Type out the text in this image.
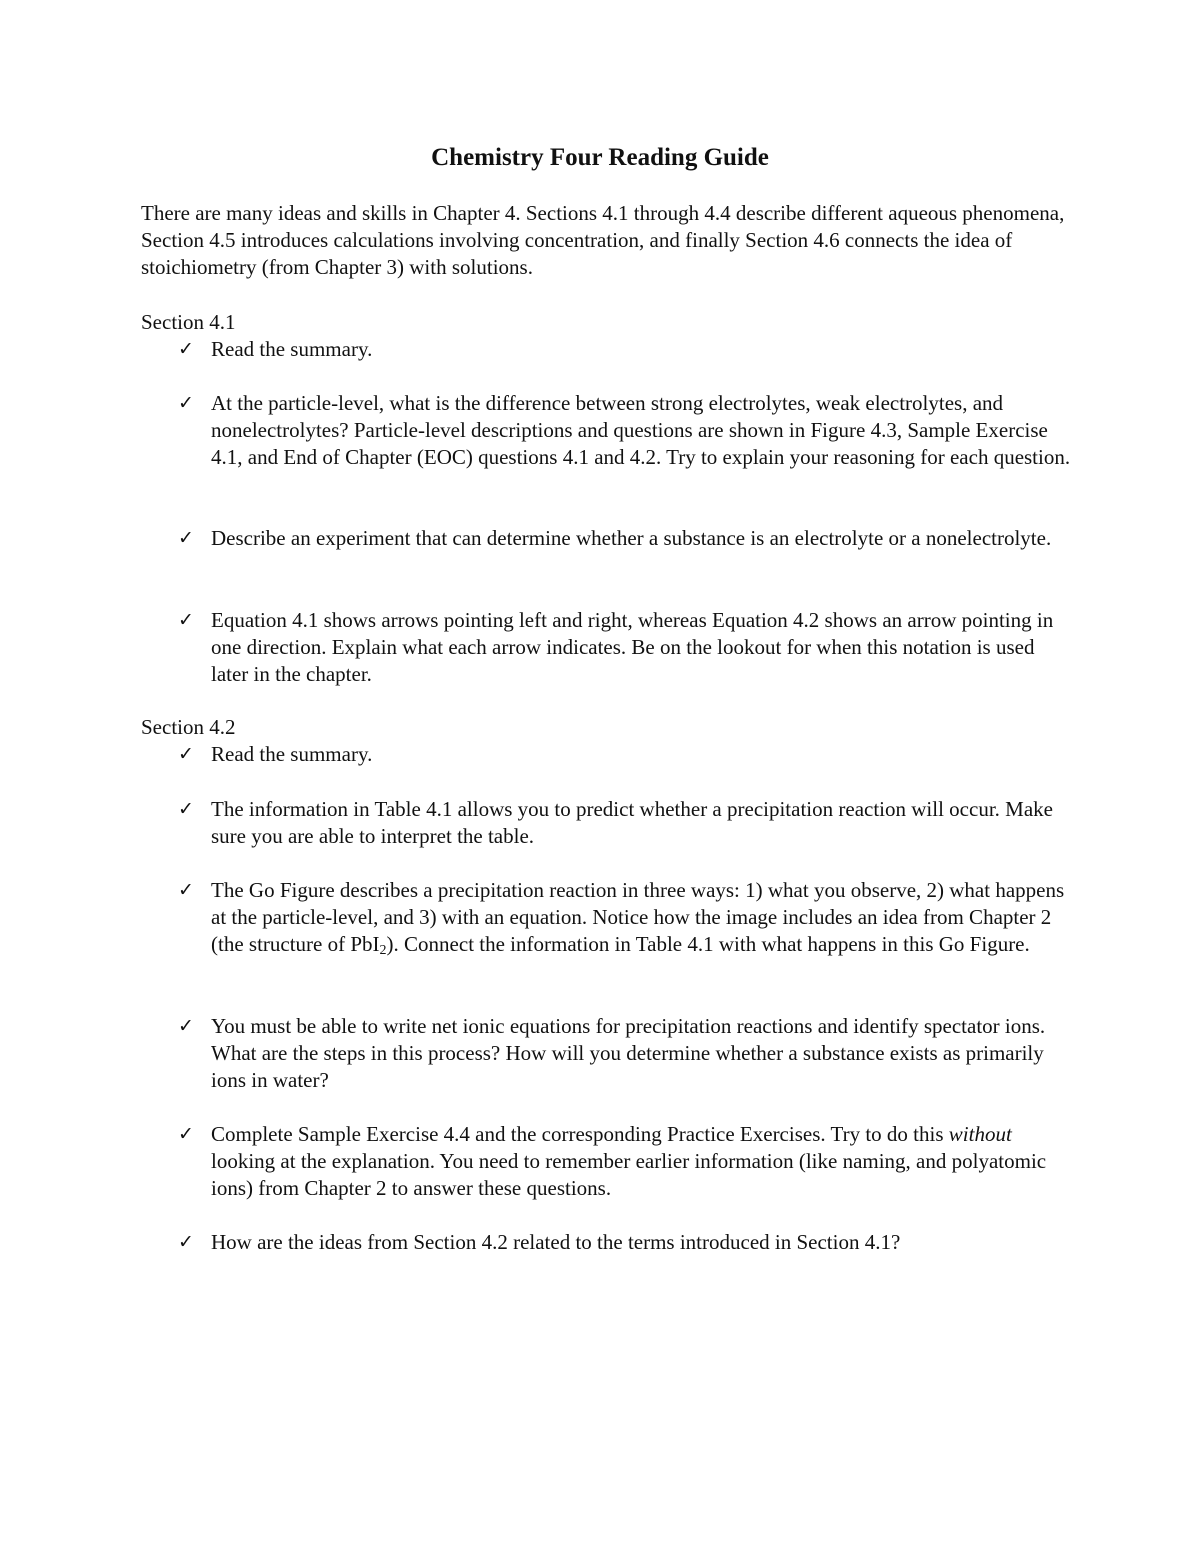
Chemistry Four Reading Guide

There are many ideas and skills in Chapter 4. Sections 4.1 through 4.4 describe different aqueous phenomena, Section 4.5 introduces calculations involving concentration, and finally Section 4.6 connects the idea of stoichiometry (from Chapter 3) with solutions.

Section 4.1

✓ Read the summary.

✓ At the particle-level, what is the difference between strong electrolytes, weak electrolytes, and nonelectrolytes? Particle-level descriptions and questions are shown in Figure 4.3, Sample Exercise 4.1, and End of Chapter (EOC) questions 4.1 and 4.2. Try to explain your reasoning for each question.

✓ Describe an experiment that can determine whether a substance is an electrolyte or a nonelectrolyte.

✓ Equation 4.1 shows arrows pointing left and right, whereas Equation 4.2 shows an arrow pointing in one direction. Explain what each arrow indicates. Be on the lookout for when this notation is used later in the chapter.

Section 4.2

✓ Read the summary.

✓ The information in Table 4.1 allows you to predict whether a precipitation reaction will occur. Make sure you are able to interpret the table.

✓ The Go Figure describes a precipitation reaction in three ways: 1) what you observe, 2) what happens at the particle-level, and 3) with an equation. Notice how the image includes an idea from Chapter 2 (the structure of PbI$_2$). Connect the information in Table 4.1 with what happens in this Go Figure.

✓ You must be able to write net ionic equations for precipitation reactions and identify spectator ions. What are the steps in this process? How will you determine whether a substance exists as primarily ions in water?

✓ Complete Sample Exercise 4.4 and the corresponding Practice Exercises. Try to do this without looking at the explanation. You need to remember earlier information (like naming, and polyatomic ions) from Chapter 2 to answer these questions.

✓ How are the ideas from Section 4.2 related to the terms introduced in Section 4.1?
